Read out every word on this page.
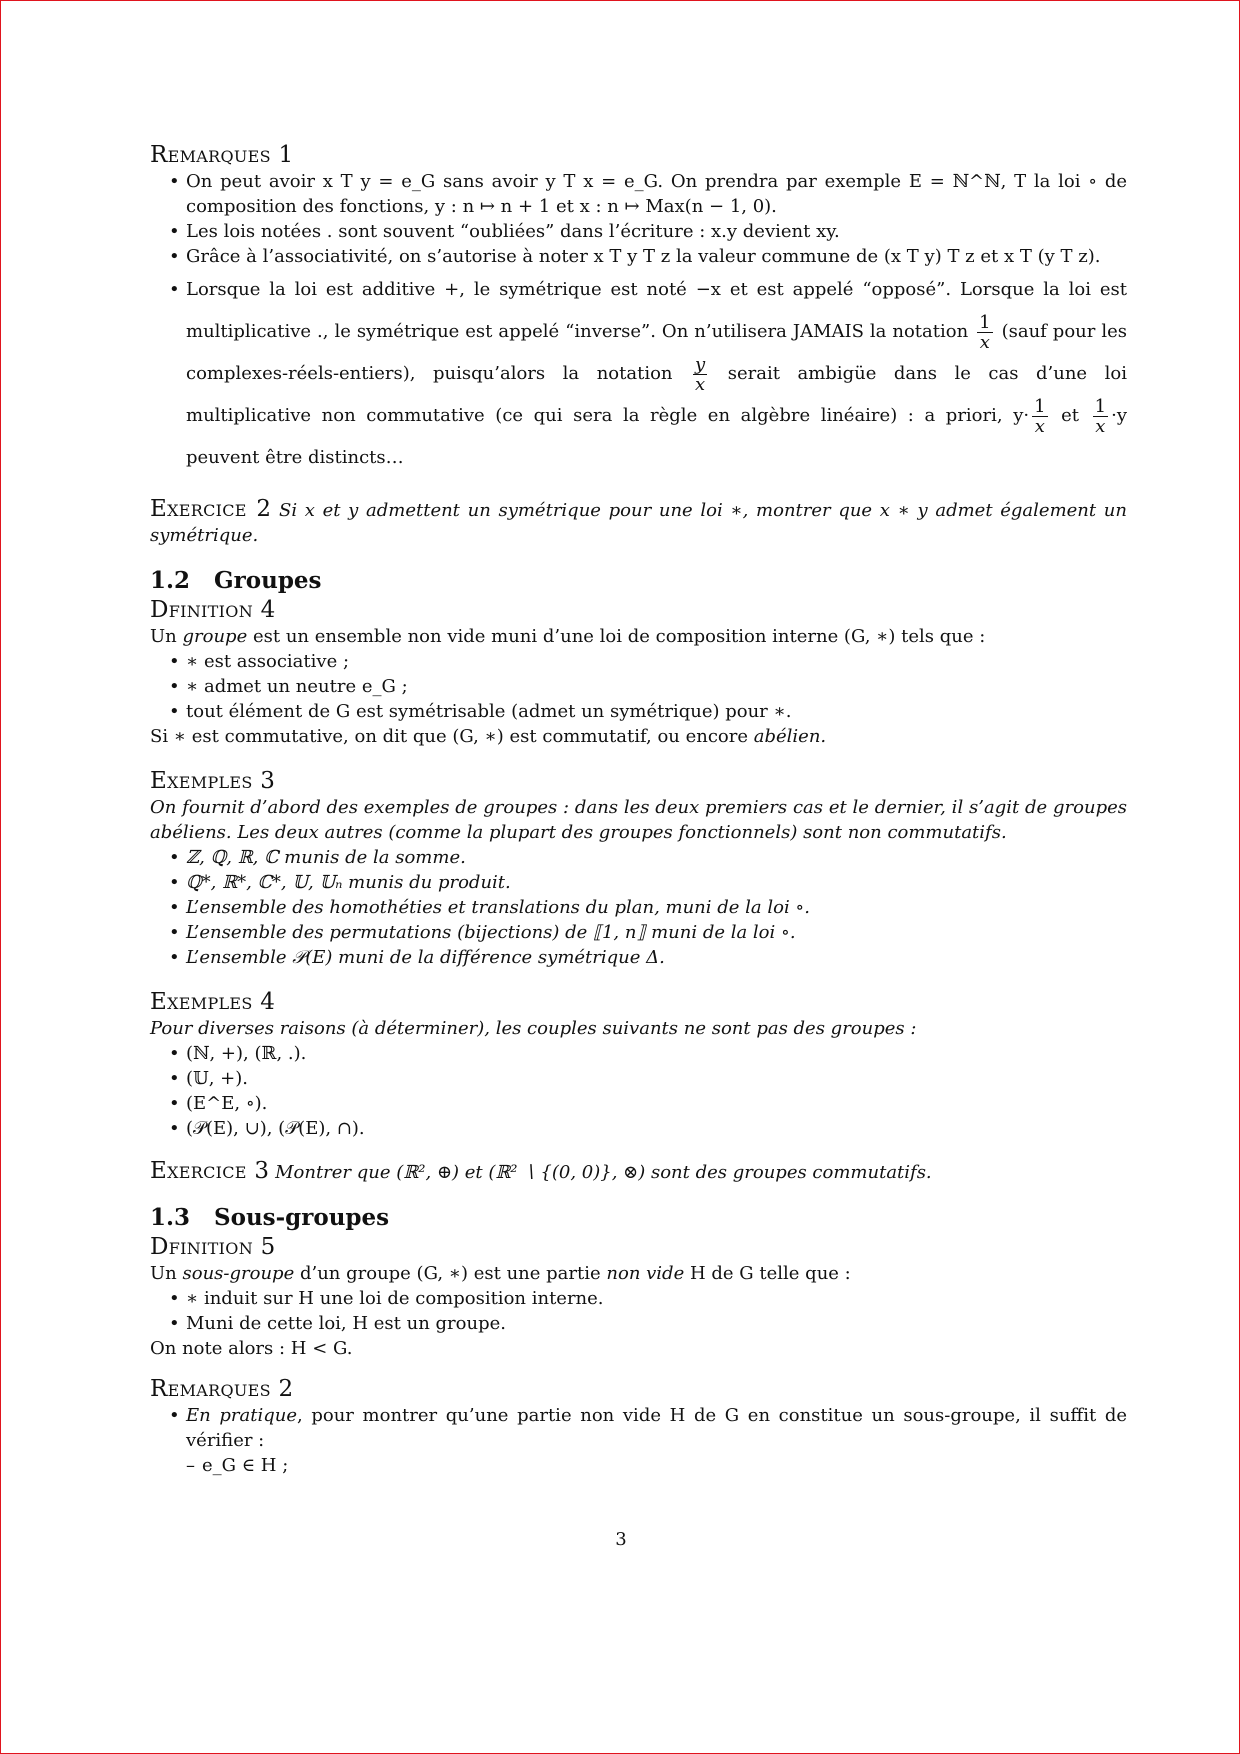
Remarques 1

• On peut avoir x T y = e_G sans avoir y T x = e_G. On prendra par exemple E = ℕ^ℕ, T la loi ∘ de composition des fonctions, y : n ↦ n + 1 et x : n ↦ Max(n − 1, 0).
• Les lois notées . sont souvent “oubliées” dans l’écriture : x.y devient xy.
• Grâce à l’associativité, on s’autorise à noter x T y T z la valeur commune de (x T y) T z et x T (y T z).
• Lorsque la loi est additive +, le symétrique est noté −x et est appelé “opposé”. Lorsque la loi est multiplicative ., le symétrique est appelé “inverse”. On n’utilisera JAMAIS la notation $\frac{1}{x}$ (sauf pour les complexes-réels-entiers), puisqu’alors la notation $\frac{y}{x}$ serait ambigüe dans le cas d’une loi multiplicative non commutative (ce qui sera la règle en algèbre linéaire) : a priori, $y\cdot \frac{1}{x}$ et $\frac{1}{x} \cdot y$ peuvent être distincts…

Exercice 2 Si x et y admettent un symétrique pour une loi ∗, montrer que x ∗ y admet également un symétrique.

1.2 Groupes

Dfinition 4

Un groupe est un ensemble non vide muni d’une loi de composition interne (G, ∗) tels que :

• ∗ est associative ;
• ∗ admet un neutre e_G ;
• tout élément de G est symétrisable (admet un symétrique) pour ∗.

Si ∗ est commutative, on dit que (G, ∗) est commutatif, ou encore abélien.

Exemples 3

On fournit d’abord des exemples de groupes : dans les deux premiers cas et le dernier, il s’agit de groupes abéliens. Les deux autres (comme la plupart des groupes fonctionnels) sont non commutatifs.

• ℤ, ℚ, ℝ, ℂ munis de la somme.
• ℚ*, ℝ*, ℂ*, 𝕌, 𝕌ₙ munis du produit.
• L’ensemble des homothéties et translations du plan, muni de la loi ∘.
• L’ensemble des permutations (bijections) de ⟦1, n⟧ muni de la loi ∘.
• L’ensemble 𝒫(E) muni de la différence symétrique Δ.

Exemples 4

Pour diverses raisons (à déterminer), les couples suivants ne sont pas des groupes :

• (ℕ, +), (ℝ, .).
• (𝕌, +).
• (E^E, ∘).
• (𝒫(E), ∪), (𝒫(E), ∩).

Exercice 3 Montrer que (ℝ², ⊕) et (ℝ² ∖ {(0, 0)}, ⊗) sont des groupes commutatifs.

1.3 Sous-groupes

Dfinition 5

Un sous-groupe d’un groupe (G, ∗) est une partie non vide H de G telle que :

• ∗ induit sur H une loi de composition interne.
• Muni de cette loi, H est un groupe.

On note alors : H < G.

Remarques 2

• En pratique, pour montrer qu’une partie non vide H de G en constitue un sous-groupe, il suffit de vérifier :
– e_G ∈ H ;
3
